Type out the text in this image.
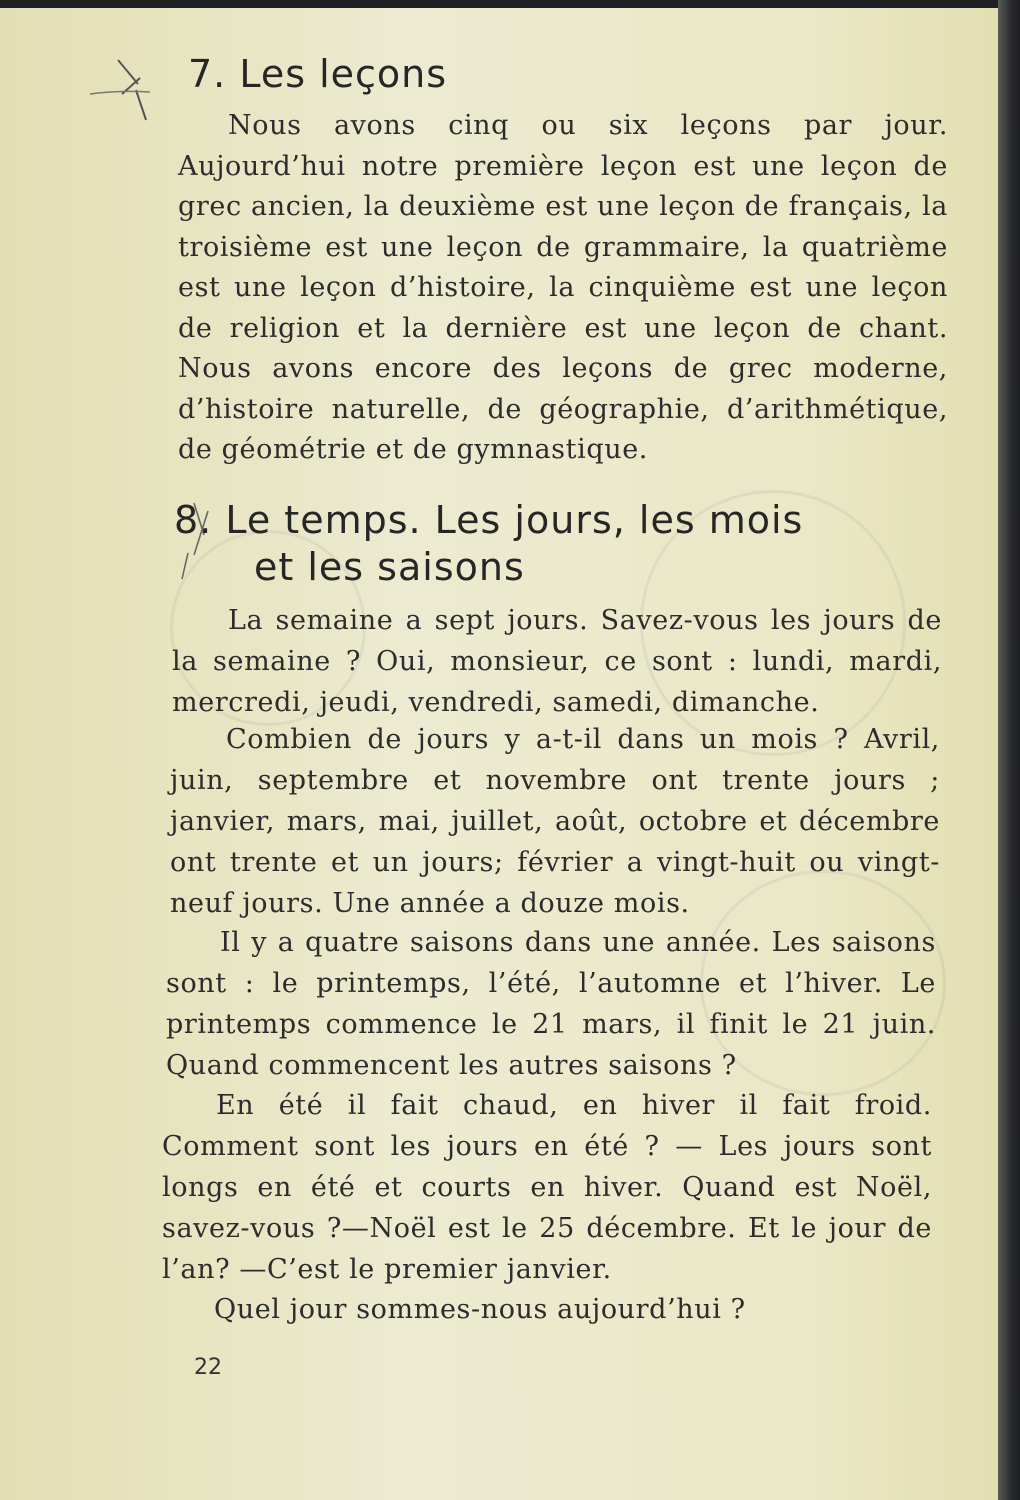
7. Les leçons

Nous avons cinq ou six leçons par jour. Aujourd’hui notre première leçon est une leçon de grec ancien, la deuxième est une leçon de français, la troisième est une leçon de grammaire, la quatrième est une leçon d’histoire, la cinquième est une leçon de religion et la dernière est une leçon de chant. Nous avons encore des leçons de grec moderne, d’histoire naturelle, de géographie, d’arithmétique, de géométrie et de gymnastique.

8. Le temps. Les jours, les mois
et les saisons

La semaine a sept jours. Savez-vous les jours de la semaine ? Oui, monsieur, ce sont : lundi, mardi, mercredi, jeudi, vendredi, samedi, dimanche.

Combien de jours y a-t-il dans un mois ? Avril, juin, septembre et novembre ont trente jours ; janvier, mars, mai, juillet, août, octobre et décembre ont trente et un jours; février a vingt-huit ou vingt-neuf jours. Une année a douze mois.

Il y a quatre saisons dans une année. Les saisons sont : le printemps, l’été, l’automne et l’hiver. Le printemps commence le 21 mars, il finit le 21 juin. Quand commencent les autres saisons ?

En été il fait chaud, en hiver il fait froid. Comment sont les jours en été ? — Les jours sont longs en été et courts en hiver. Quand est Noël, savez-vous ?—Noël est le 25 décembre. Et le jour de l’an? —C’est le premier janvier.

Quel jour sommes-nous aujourd’hui ?

22
